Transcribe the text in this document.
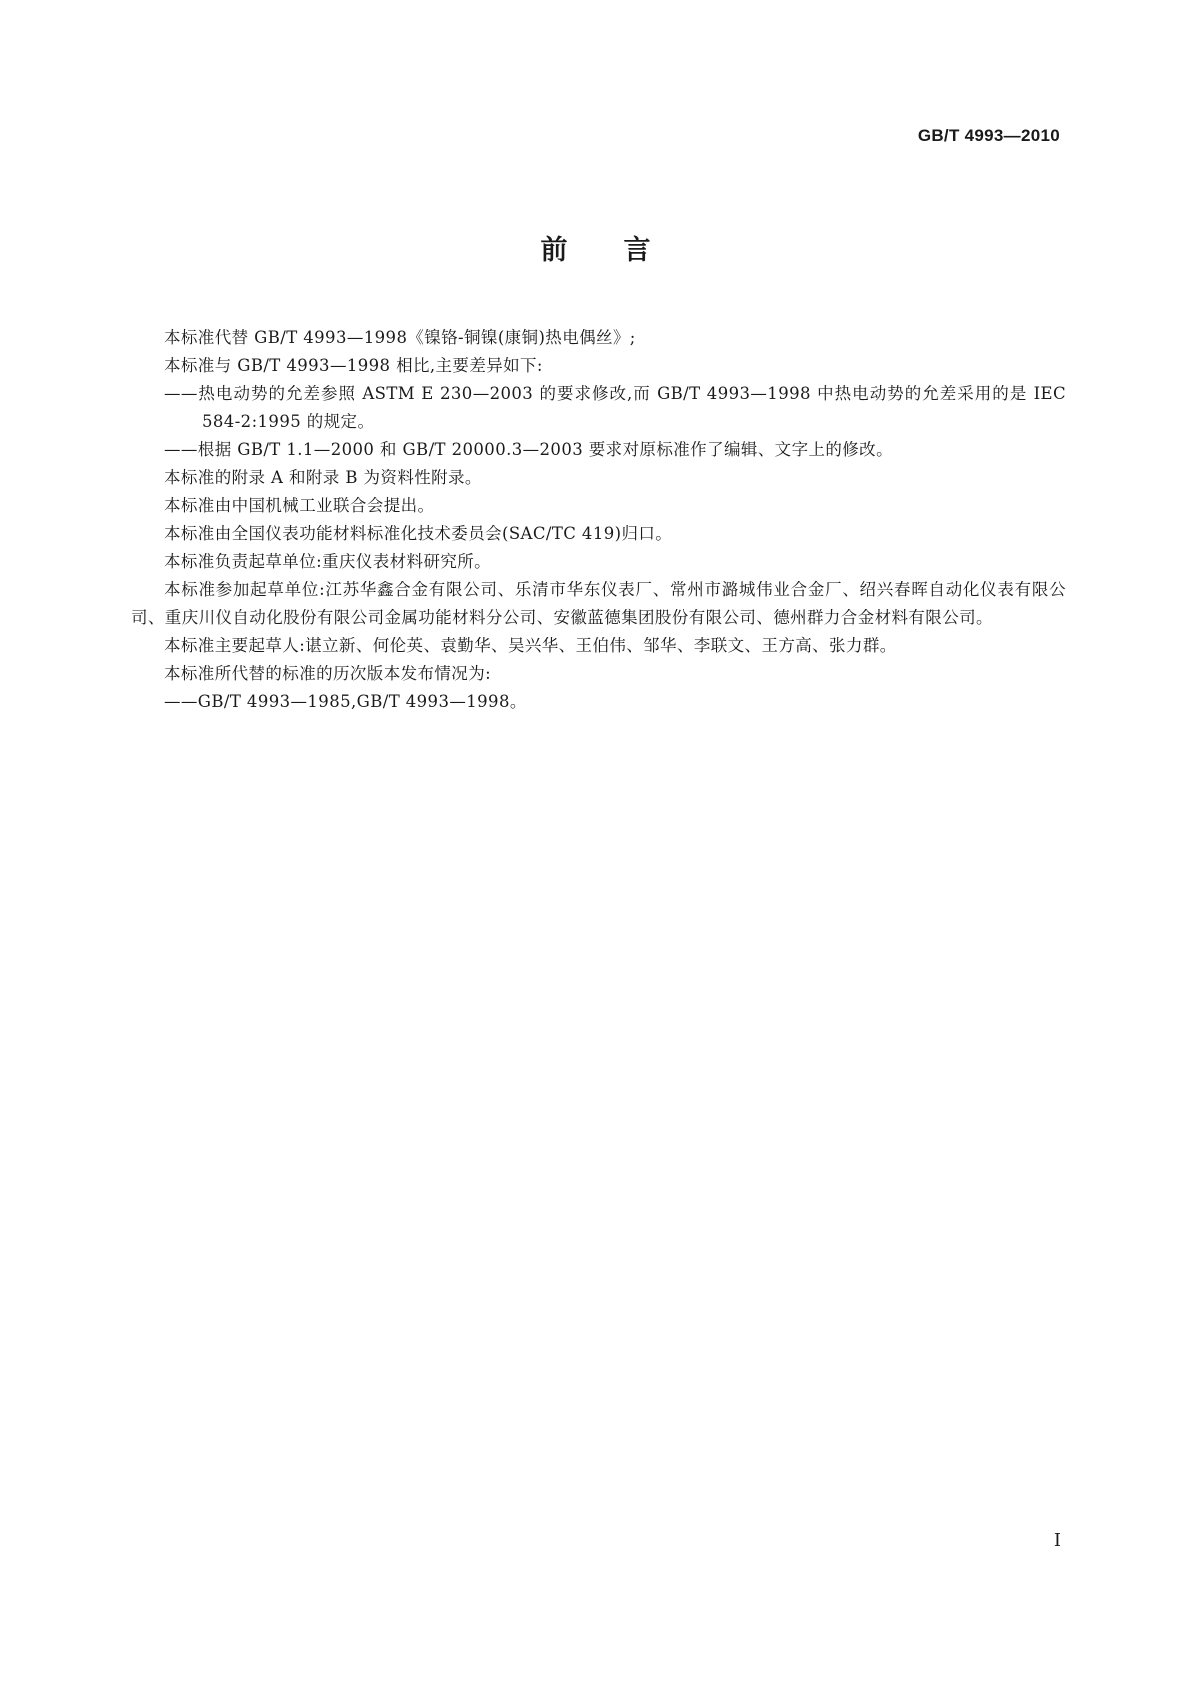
GB/T 4993—2010
前言

本标准代替 GB/T 4993—1998《镍铬-铜镍(康铜)热电偶丝》;

本标准与 GB/T 4993—1998 相比,主要差异如下:

——热电动势的允差参照 ASTM E 230—2003 的要求修改,而 GB/T 4993—1998 中热电动势的允差采用的是 IEC 584-2:1995 的规定。

——根据 GB/T 1.1—2000 和 GB/T 20000.3—2003 要求对原标准作了编辑、文字上的修改。

本标准的附录 A 和附录 B 为资料性附录。

本标准由中国机械工业联合会提出。

本标准由全国仪表功能材料标准化技术委员会(SAC/TC 419)归口。

本标准负责起草单位:重庆仪表材料研究所。

本标准参加起草单位:江苏华鑫合金有限公司、乐清市华东仪表厂、常州市潞城伟业合金厂、绍兴春晖自动化仪表有限公司、重庆川仪自动化股份有限公司金属功能材料分公司、安徽蓝德集团股份有限公司、德州群力合金材料有限公司。

本标准主要起草人:谌立新、何伦英、袁勤华、吴兴华、王伯伟、邹华、李联文、王方高、张力群。

本标准所代替的标准的历次版本发布情况为:

——GB/T 4993—1985,GB/T 4993—1998。

I
